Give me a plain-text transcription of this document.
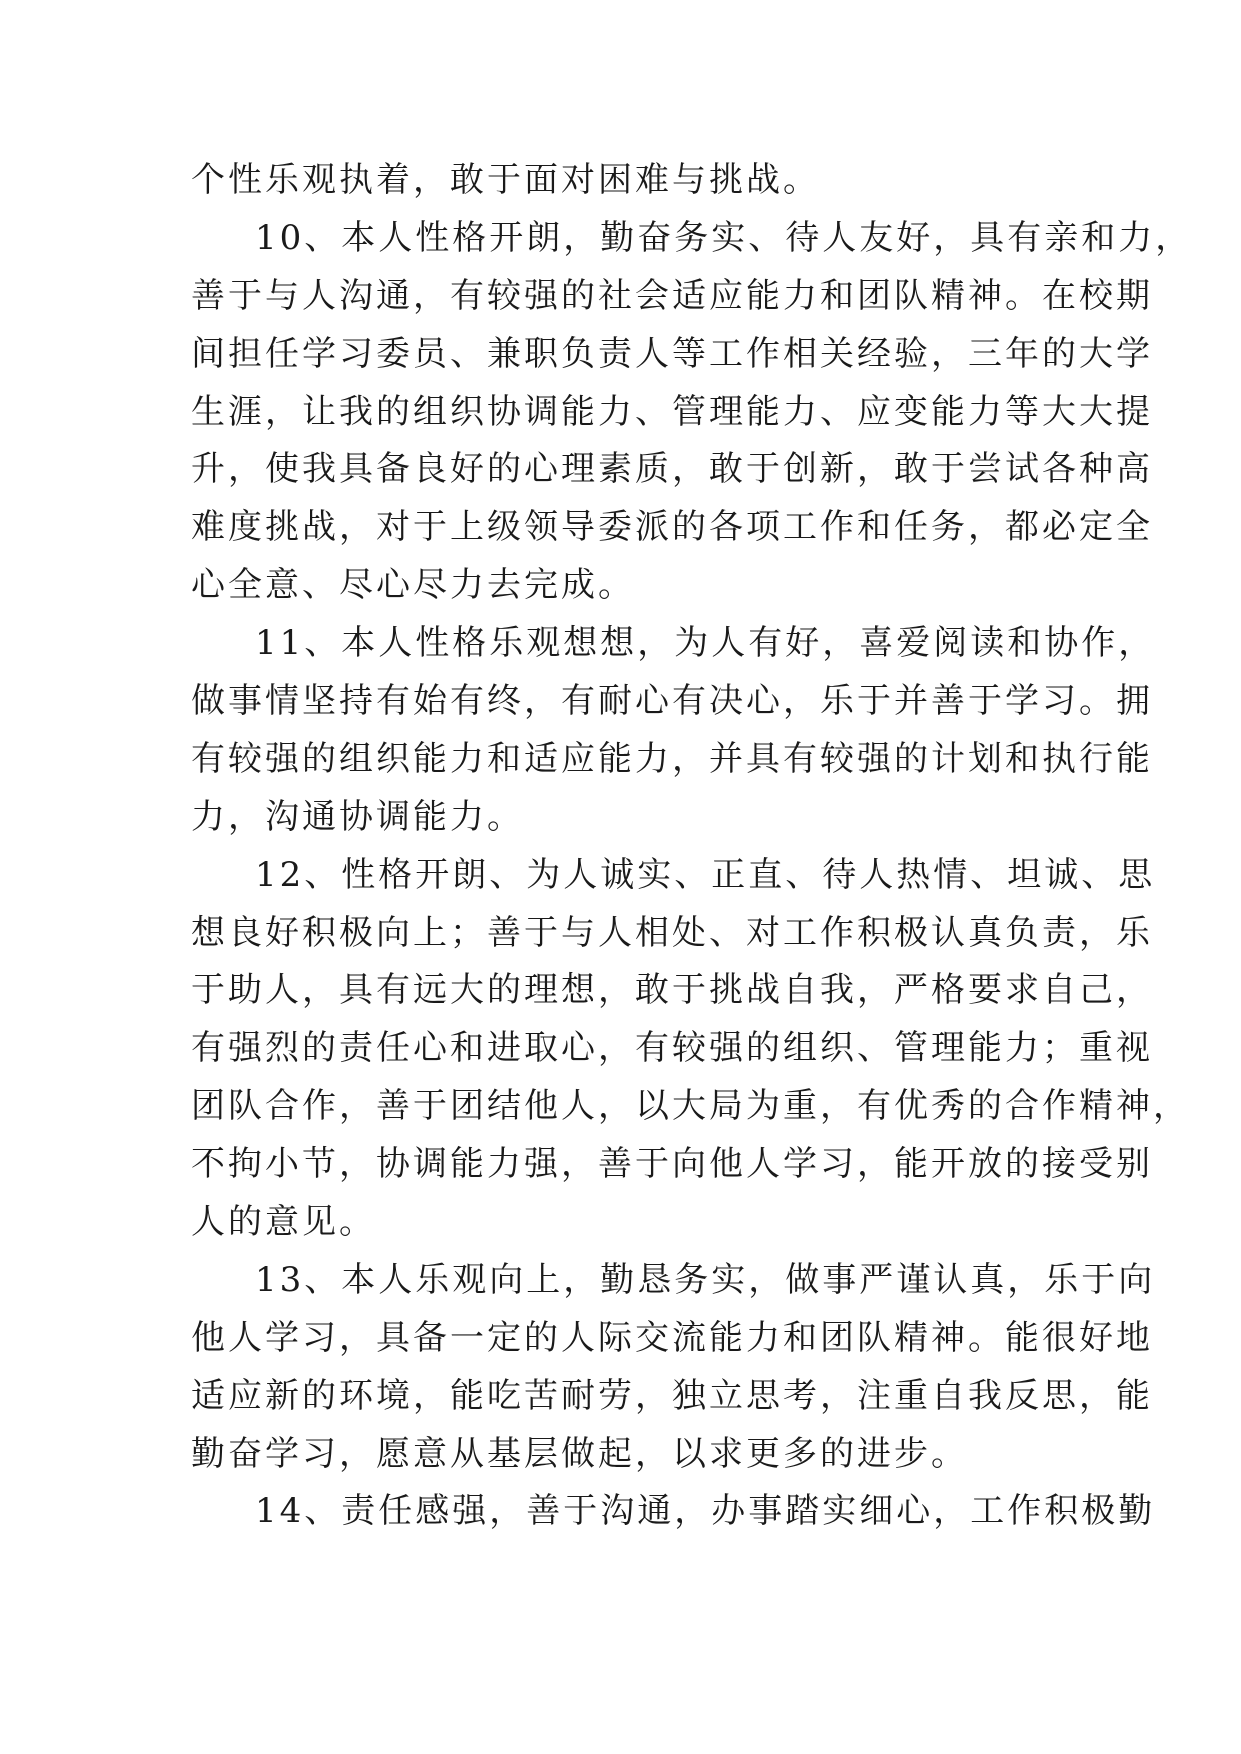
个性乐观执着，敢于面对困难与挑战。
10、本人性格开朗，勤奋务实、待人友好，具有亲和力，
善于与人沟通，有较强的社会适应能力和团队精神。在校期
间担任学习委员、兼职负责人等工作相关经验，三年的大学
生涯，让我的组织协调能力、管理能力、应变能力等大大提
升，使我具备良好的心理素质，敢于创新，敢于尝试各种高
难度挑战，对于上级领导委派的各项工作和任务，都必定全
心全意、尽心尽力去完成。
11、本人性格乐观想想，为人有好，喜爱阅读和协作，
做事情坚持有始有终，有耐心有决心，乐于并善于学习。拥
有较强的组织能力和适应能力，并具有较强的计划和执行能
力，沟通协调能力。
12、性格开朗、为人诚实、正直、待人热情、坦诚、思
想良好积极向上；善于与人相处、对工作积极认真负责，乐
于助人，具有远大的理想，敢于挑战自我，严格要求自己，
有强烈的责任心和进取心，有较强的组织、管理能力；重视
团队合作，善于团结他人，以大局为重，有优秀的合作精神，
不拘小节，协调能力强，善于向他人学习，能开放的接受别
人的意见。
13、本人乐观向上，勤恳务实，做事严谨认真，乐于向
他人学习，具备一定的人际交流能力和团队精神。能很好地
适应新的环境，能吃苦耐劳，独立思考，注重自我反思，能
勤奋学习，愿意从基层做起，以求更多的进步。
14、责任感强，善于沟通，办事踏实细心，工作积极勤
